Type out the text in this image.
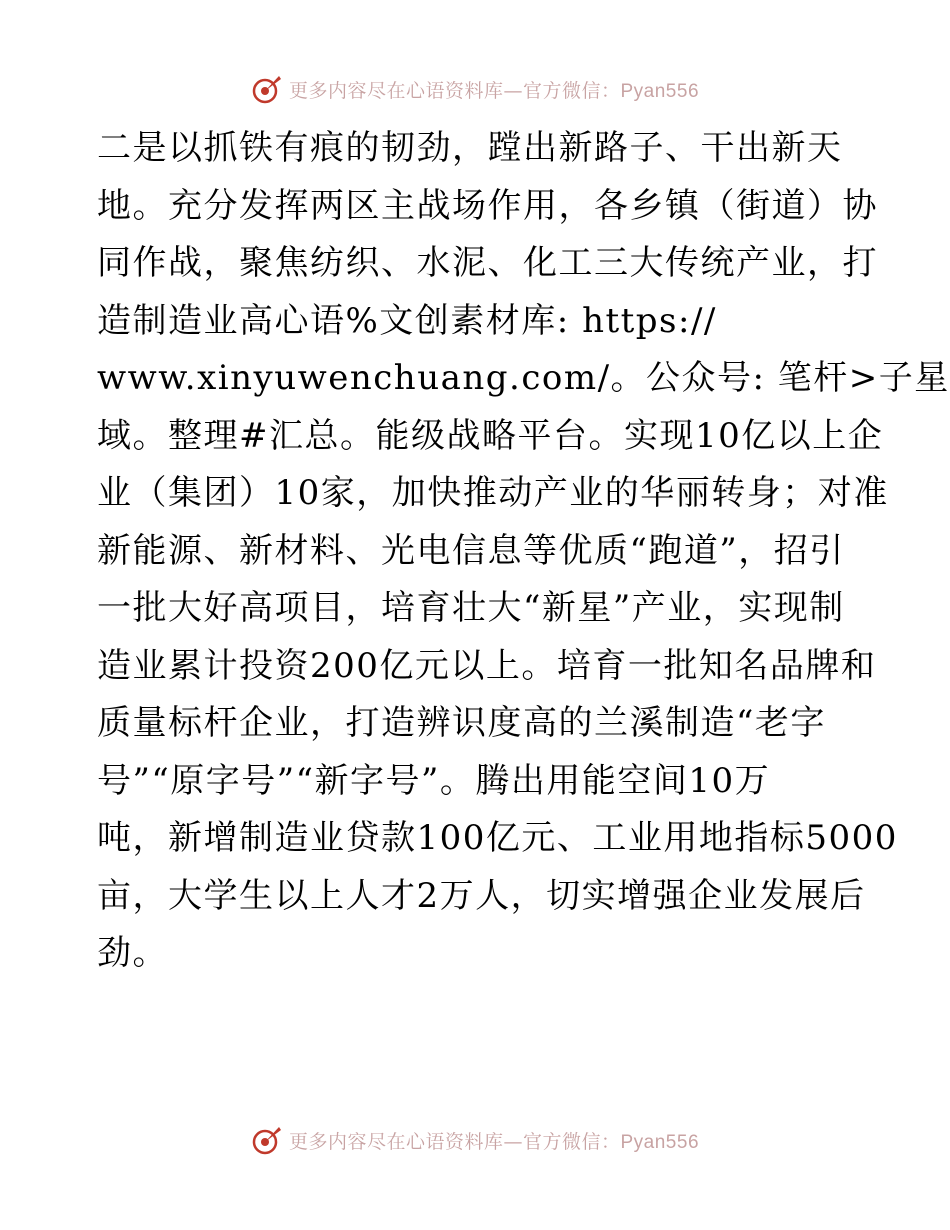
更多内容尽在心语资料库—官方微信：Pyan556
二是以抓铁有痕的韧劲，蹚出新路子、干出新天
地。充分发挥两区主战场作用，各乡镇（街道）协
同作战，聚焦纺织、水泥、化工三大传统产业，打
造制造业高心语%文创素材库: https://
www.xinyuwenchuang.com/。公众号: 笔杆>子星
域。整理#汇总。能级战略平台。实现10亿以上企
业（集团）10家，加快推动产业的华丽转身；对准
新能源、新材料、光电信息等优质“跑道”，招引
一批大好高项目，培育壮大“新星”产业，实现制
造业累计投资200亿元以上。培育一批知名品牌和
质量标杆企业，打造辨识度高的兰溪制造“老字
号”“原字号”“新字号”。腾出用能空间10万
吨，新增制造业贷款100亿元、工业用地指标5000
亩，大学生以上人才2万人，切实增强企业发展后
劲。
更多内容尽在心语资料库—官方微信：Pyan556
